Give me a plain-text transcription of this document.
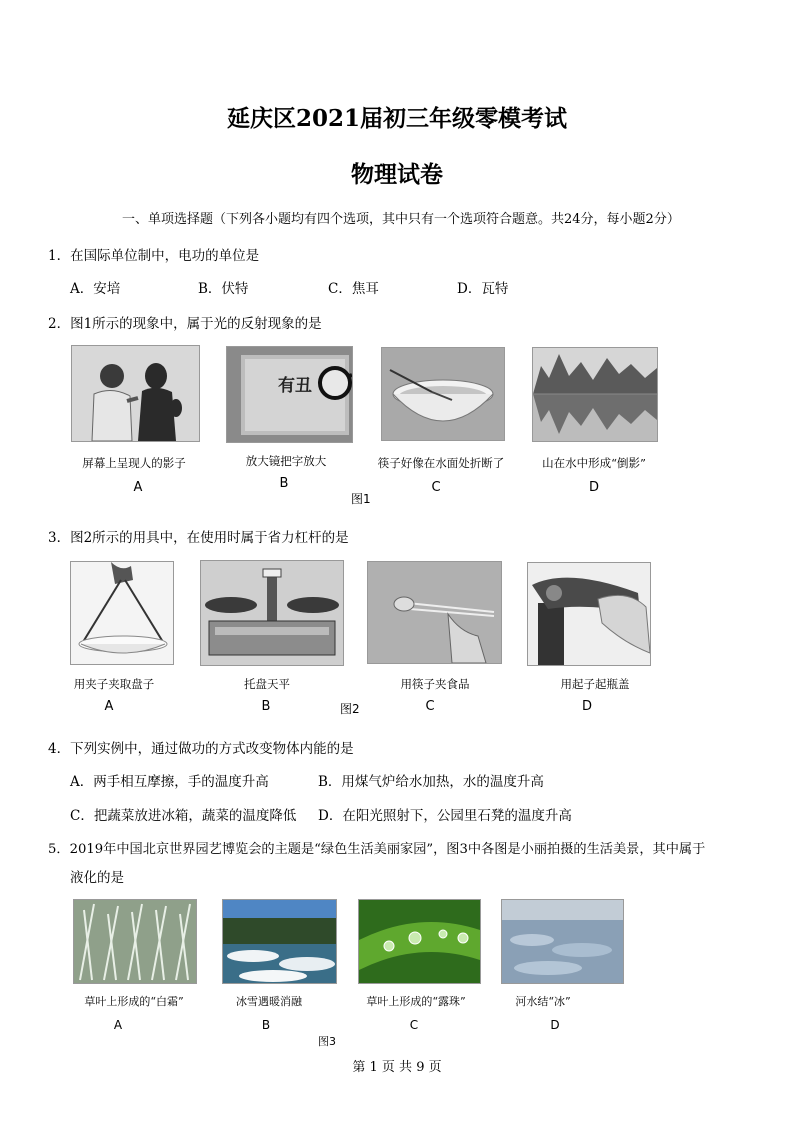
延庆区2021届初三年级零模考试
物理试卷
一、单项选择题（下列各小题均有四个选项，其中只有一个选项符合题意。共24分，每小题2分）
1．在国际单位制中，电功的单位是
A．安培	B．伏特	C．焦耳	D．瓦特
2．图1所示的现象中，属于光的反射现象的是
有丑
屏幕上呈现人的影子	放大镜把字放大	筷子好像在水面处折断了	山在水中形成“倒影”
A	B	C	D
图1
3．图2所示的用具中，在使用时属于省力杠杆的是
用夹子夹取盘子	托盘天平	用筷子夹食品	用起子起瓶盖
A	B	图2	C	D
4．下列实例中，通过做功的方式改变物体内能的是
A．两手相互摩擦，手的温度升高	B．用煤气炉给水加热，水的温度升高
C．把蔬菜放进冰箱，蔬菜的温度降低 D．在阳光照射下，公园里石凳的温度升高
5．2019年中国北京世界园艺博览会的主题是“绿色生活美丽家园”，图3中各图是小丽拍摄的生活美景，其中属于
液化的是
草叶上形成的“白霜”	冰雪遇暖消融	草叶上形成的“露珠”	河水结“冰”
A	B	C	D
图3
第 1 页 共 9 页
